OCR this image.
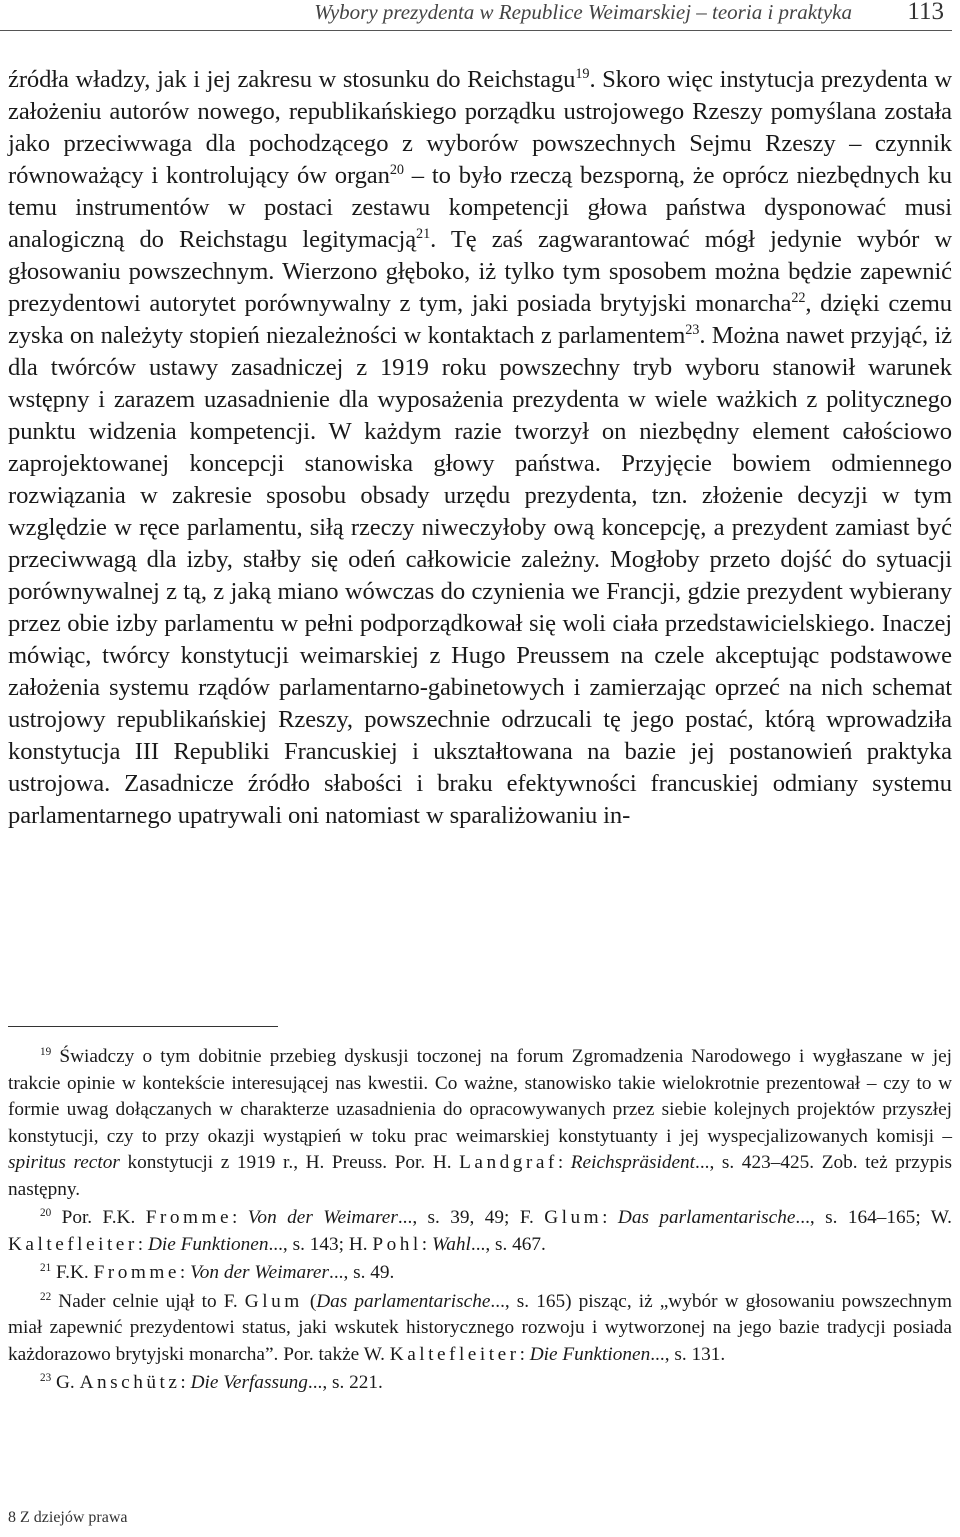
Wybory prezydenta w Republice Weimarskiej – teoria i praktyka 113

źródła władzy, jak i jej zakresu w stosunku do Reichstagu$^{19}$. Skoro więc instytucja prezydenta w założeniu autorów nowego, republikańskiego porządku ustrojowego Rzeszy pomyślana została jako przeciwwaga dla pochodzącego z wyborów powszechnych Sejmu Rzeszy – czynnik równoważący i kontrolujący ów organ$^{20}$ – to było rzeczą bezsporną, że oprócz niezbędnych ku temu instrumentów w postaci zestawu kompetencji głowa państwa dysponować musi analogiczną do Reichstagu legitymacją$^{21}$. Tę zaś zagwarantować mógł jedynie wybór w głosowaniu powszechnym. Wierzono głęboko, iż tylko tym sposobem można będzie zapewnić prezydentowi autorytet porównywalny z tym, jaki posiada brytyjski monarcha$^{22}$, dzięki czemu zyska on należyty stopień niezależności w kontaktach z parlamentem$^{23}$. Można nawet przyjąć, iż dla twórców ustawy zasadniczej z 1919 roku powszechny tryb wyboru stanowił warunek wstępny i zarazem uzasadnienie dla wyposażenia prezydenta w wiele ważkich z politycznego punktu widzenia kompetencji. W każdym razie tworzył on niezbędny element całościowo zaprojektowanej koncepcji stanowiska głowy państwa. Przyjęcie bowiem odmiennego rozwiązania w zakresie sposobu obsady urzędu prezydenta, tzn. złożenie decyzji w tym względzie w ręce parlamentu, siłą rzeczy niweczyłoby ową koncepcję, a prezydent zamiast być przeciwwagą dla izby, stałby się odeń całkowicie zależny. Mogłoby przeto dojść do sytuacji porównywalnej z tą, z jaką miano wówczas do czynienia we Francji, gdzie prezydent wybierany przez obie izby parlamentu w pełni podporządkował się woli ciała przedstawicielskiego. Inaczej mówiąc, twórcy konstytucji weimarskiej z Hugo Preussem na czele akceptując podstawowe założenia systemu rządów parlamentarno-gabinetowych i zamierzając oprzeć na nich schemat ustrojowy republikańskiej Rzeszy, powszechnie odrzucali tę jego postać, którą wprowadziła konstytucja III Republiki Francuskiej i ukształtowana na bazie jej postanowień praktyka ustrojowa. Zasadnicze źródło słabości i braku efektywności francuskiej odmiany systemu parlamentarnego upatrywali oni natomiast w sparaliżowaniu in-

$^{19}$ Świadczy o tym dobitnie przebieg dyskusji toczonej na forum Zgromadzenia Narodowego i wygłaszane w jej trakcie opinie w kontekście interesującej nas kwestii. Co ważne, stanowisko takie wielokrotnie prezentował – czy to w formie uwag dołączanych w charakterze uzasadnienia do opracowywanych przez siebie kolejnych projektów przyszłej konstytucji, czy to przy okazji wystąpień w toku prac weimarskiej konstytuanty i jej wyspecjalizowanych komisji – spiritus rector konstytucji z 1919 r., H. Preuss. Por. H. Landgraf: Reichspräsident..., s. 423–425. Zob. też przypis następny.

$^{20}$ Por. F.K. Fromme: Von der Weimarer..., s. 39, 49; F. Glum: Das parlamentarische..., s. 164–165; W. Kaltefleiter: Die Funktionen..., s. 143; H. Pohl: Wahl..., s. 467.

$^{21}$ F.K. Fromme: Von der Weimarer..., s. 49.

$^{22}$ Nader celnie ujął to F. Glum (Das parlamentarische..., s. 165) pisząc, iż „wybór w głosowaniu powszechnym miał zapewnić prezydentowi status, jaki wskutek historycznego rozwoju i wytworzonej na jego bazie tradycji posiada każdorazowo brytyjski monarcha”. Por. także W. Kaltefleiter: Die Funktionen..., s. 131.

$^{23}$ G. Anschütz: Die Verfassung..., s. 221.

8 Z dziejów prawa
